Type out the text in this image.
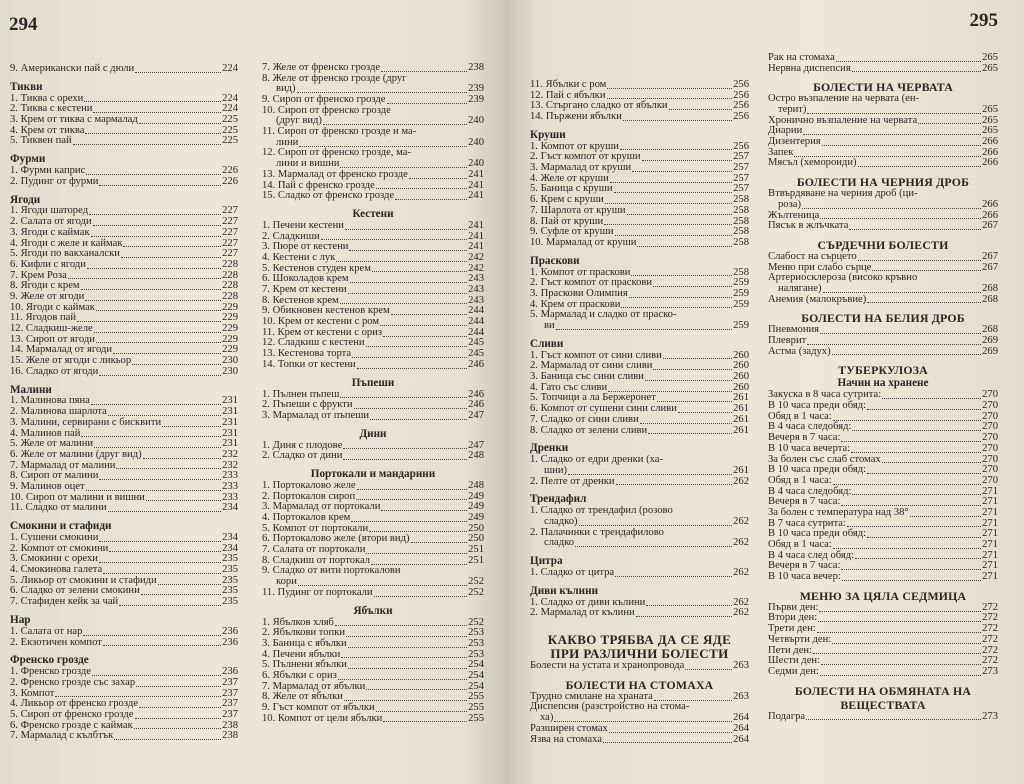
294
9. Американски пай с дюли	224
Тикви
1. Тиква с орехи	224
2. Тиква с кестени	224
3. Крем от тиква с мармалад	225
4. Крем от тиква	225
5. Тиквен пай	225
Фурми
1. Фурми каприс	226
2. Пудинг от фурми	226
Ягоди
1. Ягоди шатоpeд	227
2. Салата от ягоди	227
3. Ягоди с каймак	227
4. Ягоди с желе и каймак	227
5. Ягоди по вакханалски	227
6. Кифли с ягоди	228
7. Крем Роза	228
8. Ягоди с крем	228
9. Желе от ягоди	228
10. Ягоди с каймак	229
11. Ягодов пай	229
12. Сладкиш-желе	229
13. Сироп от ягоди	229
14. Мармалад от ягоди	229
15. Желе от ягоди с ликьор	230
16. Сладко от ягоди	230
Малини
1. Малинова пяна	231
2. Малинова шарлота	231
3. Малини, сервирани с бисквити	231
4. Малинов пай	231
5. Желе от малини	231
6. Желе от малини (друг вид)	232
7. Мармалад от малини	232
8. Сироп от малини	233
9. Малинов оцет	233
10. Сироп от малини и вишни	233
11. Сладко от малини	234
Смокини и стафиди
1. Сушени смокини	234
2. Компот от смокини	234
3. Смокини с орехи	235
4. Смокинова галета	235
5. Ликьор от смокини и стафиди	235
6. Сладко от зелени смокини	235
7. Стафиден кейк за чай	235
Нар
1. Салата от нар	236
2. Екзотичен компот	236
Френско грозде
1. Френско грозде	236
2. Френско грозде със захар	237
3. Компот	237
4. Ликьор от френско грозде	237
5. Сироп от френско грозде	237
6. Френско грозде с каймак	238
7. Мармалад с кълбтък	238
7. Желе от френско грозде	238
8. Желе от френско грозде (друг
вид)	239
9. Сироп от френско грозде	239
10. Сироп от френско грозде
(друг вид)	240
11. Сироп от френско грозде и ма-
лини	240
12. Сироп от френско грозде, ма-
лини и вишни	240
13. Мармалад от френско грозде	241
14. Пай с френско грозде	241
15. Сладко от френско грозде	241
Кестени
1. Печени кестени	241
2. Сладкиши	241
3. Пюре от кестени	241
4. Кестени с лук	242
5. Кестенов студен крем	242
6. Шоколадов крем	243
7. Крем от кестени	243
8. Кестенов крем	243
9. Обикновен кестенов крем	244
10. Крем от кестени с ром	244
11. Крем от кестени с ориз	244
12. Сладкиш с кестени	245
13. Кестенова торта	245
14. Топки от кестени	246
Пъпеши
1. Пълнен пъпеш	246
2. Пъпеши с фрукти	246
3. Мармалад от пъпеши	247
Дини
1. Диня с плодове	247
2. Сладко от дини	248
Портокали и мандарини
1. Портокалово желе	248
2. Портокалов сироп	249
3. Мармалад от портокали	249
4. Портокалов крем	249
5. Компот от портокали	250
6. Портокалово желе (втори вид)	250
7. Салата от портокали	251
8. Сладкиш от портокал	251
9. Сладко от вити портокалови
кори	252
11. Пудинг от портокали	252
Ябълки
1. Ябълков хляб	252
2. Ябълкови топки	253
3. Баница с ябълки	253
4. Печени ябълки	253
5. Пълнени ябълки	254
6. Ябълки с ориз	254
7. Мармалад от ябълки	254
8. Желе от ябълки	255
9. Гъст компот от ябълки	255
10. Компот от цели ябълки	255
295
11. Ябълки с ром	256
12. Пай с ябълки	256
13. Стъргано сладко от ябълки	256
14. Пържени ябълки	256
Круши
1. Компот от круши	256
2. Гъст компот от круши	257
3. Мармалад от круши	257
4. Желе от круши	257
5. Баница с круши	257
6. Крем с круши	258
7. Шарлота от круши	258
8. Пай от круши	258
9. Суфле от круши	258
10. Мармалад от круши	258
Праскови
1. Компот от праскови	258
2. Гъст компот от праскови	259
3. Праскови Олимпия	259
4. Крем от праскови	259
5. Мармалад и сладко от праско-
ви	259
Сливи
1. Гъст компот от сини сливи	260
2. Мармалад от сини сливи	260
3. Баница със сини сливи	260
4. Гато със сливи	260
5. Топчици а ла Бержеронет	261
6. Компот от сушени сини сливи	261
7. Сладко от сини сливи	261
8. Сладко от зелени сливи	261
Дренки
1. Сладко от едри дренки (ха-
шни)	261
2. Пелте от дренки	262
Трендафил
1. Сладко от трендафил (розово
сладко)	262
2. Палачинки с трендафилово
сладко	262
Цитра
1. Сладко от цитра	262
Диви кълини
1. Сладко от диви кълини	262
2. Мармалад от кълини	262
КАКВО ТРЯБВА ДА СЕ ЯДЕ
ПРИ РАЗЛИЧНИ БОЛЕСТИ
Болести на устата и хранопровода	263
БОЛЕСТИ НА СТОМАХА
Трудно смилане на храната	263
Диспепсия (разстройство на стома-
ха)	264
Разширен стомах	264
Язва на стомаха	264
Рак на стомаха	265
Нервна диспепсия	265
БОЛЕСТИ НА ЧЕРВАТА
Остро възпаление на червата (ен-
терит)	265
Хронично възпаление на червата	265
Диарии	265
Дизентерия	266
Запек	266
Мясъл (хемороиди)	266
БОЛЕСТИ НА ЧЕРНИЯ ДРОБ
Втвърдяване на черния дроб (ци-
роза)	266
Жълтеница	266
Пясък в жлъчката	267
СЪРДЕЧНИ БОЛЕСТИ
Слабост на сърцето	267
Меню при слабо сърце	267
Артериосклероза (високо кръвно
налягане)	268
Анемия (малокръвие)	268
БОЛЕСТИ НА БЕЛИЯ ДРОБ
Пневмония	268
Плеврит	269
Астма (задух)	269
ТУБЕРКУЛОЗА
Начин на хранене
Закуска в 8 часа сутрита:	270
В 10 часа преди обяд:	270
Обяд в 1 часа:	270
В 4 часа следобяд:	270
Вечеря в 7 часа:	270
В 10 часа вечерта:	270
За болен със слаб стомах	270
В 10 часа преди обяд:	270
Обяд в 1 часа:	270
В 4 часа следобяд:	271
Вечеря в 7 часа:	271
За болен с температура над 38°	271
В 7 часа сутрита:	271
В 10 часа преди обяд:	271
Обяд в 1 часа:	271
В 4 часа след обяд:	271
Вечеря в 7 часа:	271
В 10 часа вечер:	271
МЕНЮ ЗА ЦЯЛА СЕДМИЦА
Първи ден:	272
Втори ден:	272
Трети ден:	272
Четвърти ден:	272
Пети ден:	272
Шести ден:	272
Седми ден:	273
БОЛЕСТИ НА ОБМЯНАТА НА
ВЕЩЕСТВАТА
Подагра	273
